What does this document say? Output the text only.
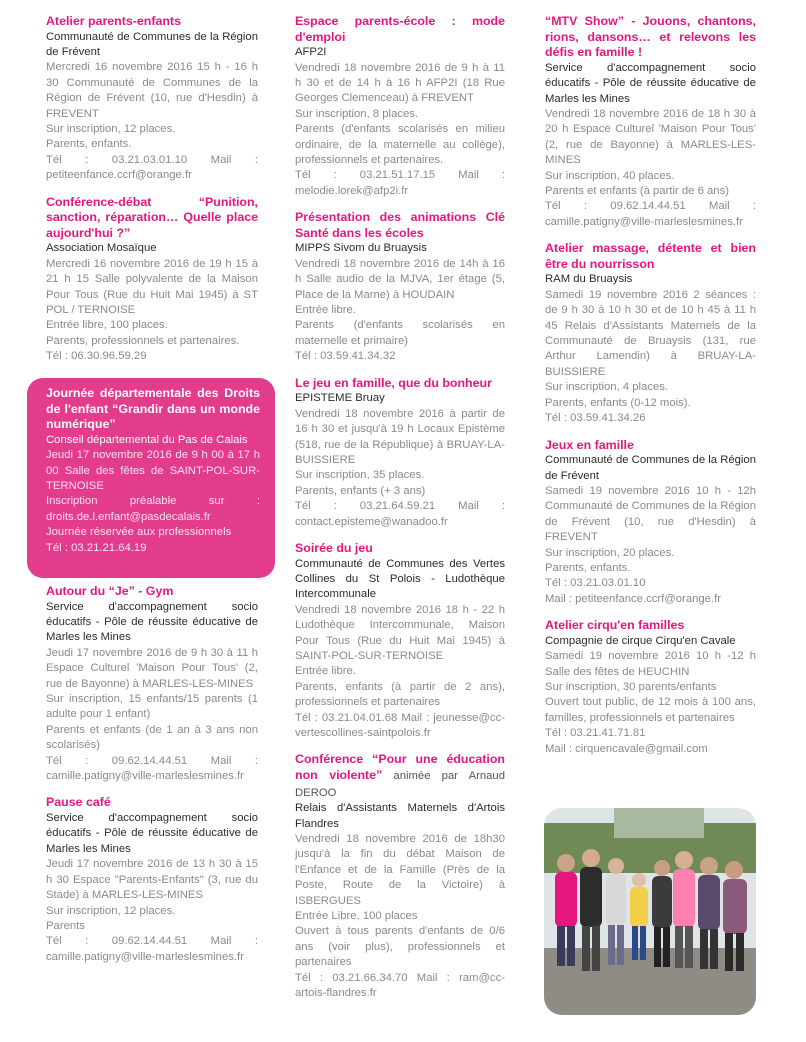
Atelier parents-enfants

Communauté de Communes de la Région de Frévent

Mercredi 16 novembre 2016 15 h - 16 h 30 Communauté de Communes de la Région de Frévent (10, rue d'Hesdin) à FREVENT

Sur inscription, 12 places.

Parents, enfants.

Tél : 03.21.03.01.10 Mail : petiteenfance.ccrf@orange.fr

Conférence-débat “Punition, sanction, réparation… Quelle place aujourd'hui ?”

Association Mosaïque

Mercredi 16 novembre 2016 de 19 h 15 à 21 h 15 Salle polyvalente de la Maison Pour Tous (Rue du Huit Mai 1945) à ST POL / TERNOISE

Entrée libre, 100 places.

Parents, professionnels et partenaires.

Tél : 06.30.96.59.29

Journée départementale des Droits de l'enfant “Grandir dans un monde numérique”

Conseil départemental du Pas de Calais

Jeudi 17 novembre 2016 de 9 h 00 à 17 h 00 Salle des fêtes de SAINT-POL-SUR-TERNOISE

Inscription préalable sur : droits.de.l.enfant@pasdecalais.fr

Journée réservée aux professionnels

Tél : 03.21.21.64.19

Autour du “Je” - Gym

Service d'accompagnement socio éducatifs - Pôle de réussite éducative de Marles les Mines

Jeudi 17 novembre 2016 de 9 h 30 à 11 h Espace Culturel 'Maison Pour Tous' (2, rue de Bayonne) à MARLES-LES-MINES

Sur inscription, 15 enfants/15 parents (1 adulte pour 1 enfant)

Parents et enfants (de 1 an à 3 ans non scolarisés)

Tél : 09.62.14.44.51 Mail : camille.patigny@ville-marleslesmines.fr

Pause café

Service d'accompagnement socio éducatifs - Pôle de réussite éducative de Marles les Mines

Jeudi 17 novembre 2016 de 13 h 30 à 15 h 30 Espace "Parents-Enfants" (3, rue du Stade) à MARLES-LES-MINES

Sur inscription, 12 places.

Parents

Tél : 09.62.14.44.51 Mail : camille.patigny@ville-marleslesmines.fr

Espace parents-école : mode d'emploi

AFP2I

Vendredi 18 novembre 2016 de 9 h à 11 h 30 et de 14 h à 16 h AFP2I (18 Rue Georges Clemenceau) à FREVENT

Sur inscription, 8 places.

Parents (d'enfants scolarisés en milieu ordinaire, de la maternelle au collège), professionnels et partenaires.

Tél : 03.21.51.17.15 Mail : melodie.lorek@afp2i.fr

Présentation des animations Clé Santé dans les écoles

MIPPS Sivom du Bruaysis

Vendredi 18 novembre 2016 de 14h à 16 h Salle audio de la MJVA, 1er étage (5, Place de la Marne) à HOUDAIN

Entrée libre.

Parents (d'enfants scolarisés en maternelle et primaire)

Tél : 03.59.41.34.32

Le jeu en famille, que du bonheur

EPISTEME Bruay

Vendredi 18 novembre 2016 à partir de 16 h 30 et jusqu'à 19 h Locaux Epistème (518, rue de la République) à BRUAY-LA-BUISSIERE

Sur inscription, 35 places.

Parents, enfants (+ 3 ans)

Tél : 03.21.64.59.21 Mail : contact.episteme@wanadoo.fr

Soirée du jeu

Communauté de Communes des Vertes Collines du St Polois - Ludothèque Intercommunale

Vendredi 18 novembre 2016 18 h - 22 h Ludothèque Intercommunale, Maison Pour Tous (Rue du Huit Mai 1945) à SAINT-POL-SUR-TERNOISE

Entrée libre.

Parents, enfants (à partir de 2 ans), professionnels et partenaires

Tél : 03.21.04.01.68 Mail : jeunesse@cc-vertescollines-saintpolois.fr

Conférence “Pour une éducation non violente” animée par Arnaud DEROO

Relais d'Assistants Maternels d'Artois Flandres

Vendredi 18 novembre 2016 de 18h30 jusqu'à la fin du débat Maison de l'Enfance et de la Famille (Près de la Poste, Route de la Victoire) à ISBERGUES

Entrée Libre, 100 places

Ouvert à tous parents d'enfants de 0/6 ans (voir plus), professionnels et partenaires

Tél : 03.21.66.34.70 Mail : ram@cc-artois-flandres.fr

“MTV Show” - Jouons, chantons, rions, dansons… et relevons les défis en famille !

Service d'accompagnement socio éducatifs - Pôle de réussite éducative de Marles les Mines

Vendredi 18 novembre 2016 de 18 h 30 à 20 h Espace Culturel 'Maison Pour Tous' (2, rue de Bayonne) à MARLES-LES-MINES

Sur inscription, 40 places.

Parents et enfants (à partir de 6 ans)

Tél : 09.62.14.44.51 Mail : camille.patigny@ville-marleslesmines.fr

Atelier massage, détente et bien être du nourrisson

RAM du Bruaysis

Samedi 19 novembre 2016 2 séances : de 9 h 30 à 10 h 30 et de 10 h 45 à 11 h 45 Relais d'Assistants Maternels de la Communauté de Bruaysis (131, rue Arthur Lamendin) à BRUAY-LA-BUISSIERE

Sur inscription, 4 places.

Parents, enfants (0-12 mois).

Tél : 03.59.41.34.26

Jeux en famille

Communauté de Communes de la Région de Frévent

Samedi 19 novembre 2016 10 h - 12h Communauté de Communes de la Région de Frévent (10, rue d'Hesdin) à FREVENT

Sur inscription, 20 places.

Parents, enfants.

Tél : 03.21.03.01.10

Mail : petiteenfance.ccrf@orange.fr

Atelier cirqu'en familles

Compagnie de cirque Cirqu'en Cavale

Samedi 19 novembre 2016 10 h -12 h Salle des fêtes de HEUCHIN

Sur inscription, 30 parents/enfants

Ouvert tout public, de 12 mois à 100 ans, familles, professionnels et partenaires

Tél : 03.21.41.71.81

Mail : cirquencavale@gmail.com
